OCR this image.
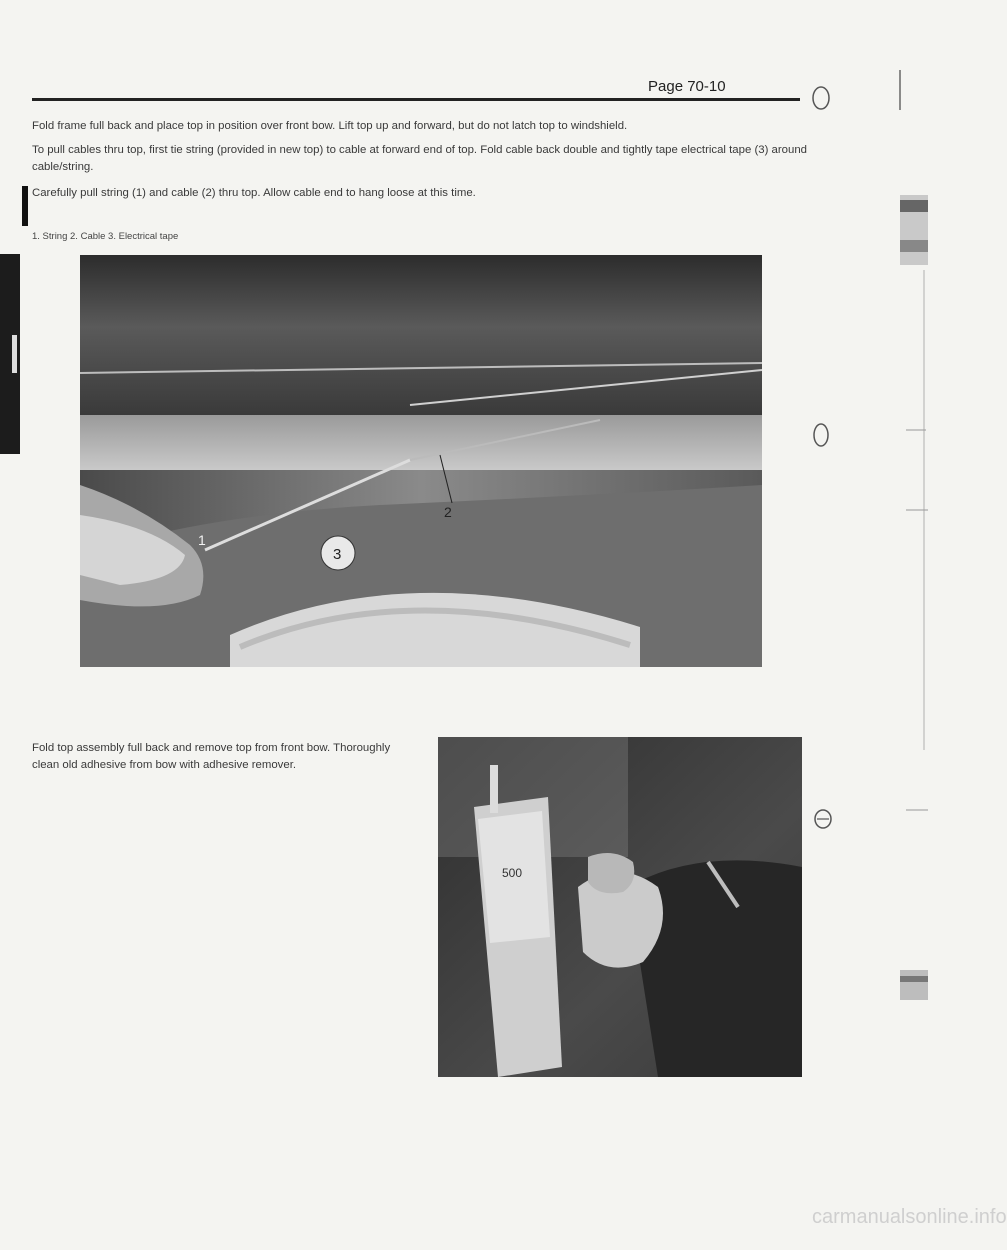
Page 70-10
Fold frame full back and place top in position over front bow. Lift top up and forward, but do not latch top to windshield.
To pull cables thru top, first tie string (provided in new top) to cable at forward end of top. Fold cable back double and tightly tape electrical tape (3) around cable/string.
Carefully pull string (1) and cable (2) thru top. Allow cable end to hang loose at this time.
1. String 2. Cable 3. Electrical tape
3
1
2
Fold top assembly full back and remove top from front bow. Thoroughly clean old adhesive from bow with adhesive remover.
500
carmanualsonline.info
